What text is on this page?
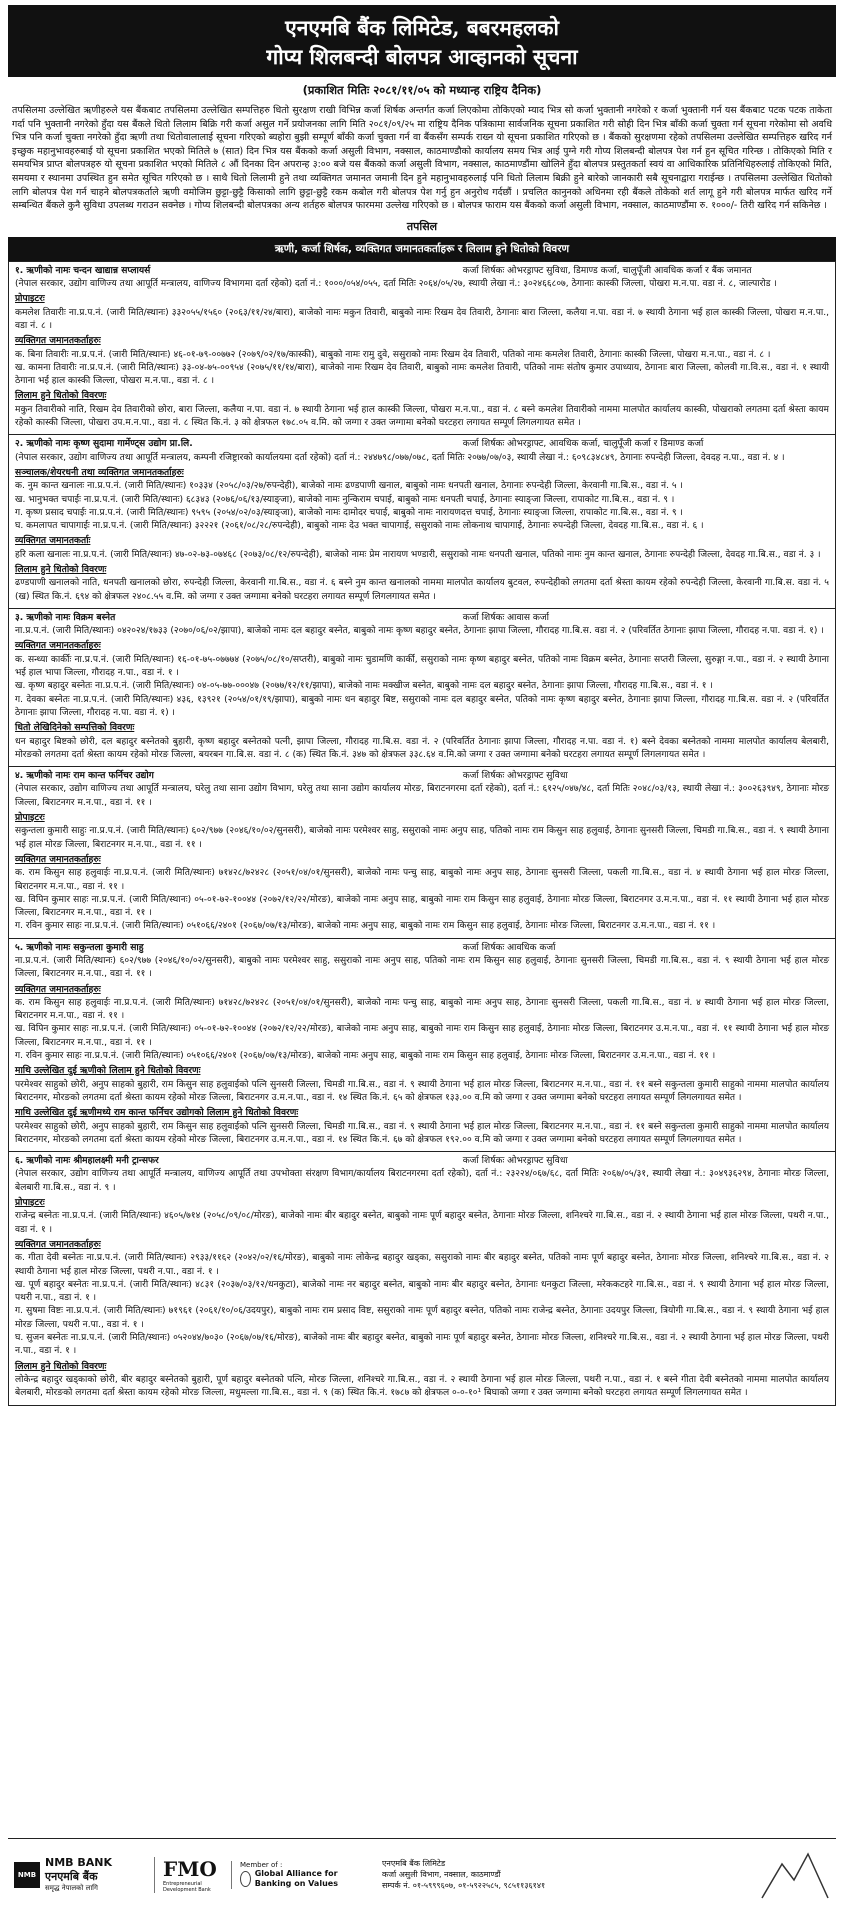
एनएमबि बैंक लिमिटेड, बबरमहलको
गोप्य शिलबन्दी बोलपत्र आव्हानको सूचना
(प्रकाशित मितिः २०८१/११/०५ को मध्यान्ह राष्ट्रिय दैनिक)
तपसिलमा उल्लेखित ऋणीहरुले यस बैंकबाट तपसिलमा उल्लेखित सम्पत्तिहरु धितो सुरक्षण राखी विभिन्न कर्जा शिर्षक अन्तर्गत कर्जा लिएकोमा तोकिएको म्याद भित्र सो कर्जा भुक्तानी नगरेको र कर्जा भुक्तानी गर्न यस बैंकबाट पटक पटक ताकेता गर्दा पनि भुक्तानी नगरेको हुँदा यस बैंकले धितो लिलाम बिक्रि गरी कर्जा असुल गर्ने प्रयोजनका लागि मिति २०८१/०९/२५ मा राष्ट्रिय दैनिक पत्रिकामा सार्वजनिक सूचना प्रकाशित गरी सोही दिन भित्र बाँकी कर्जा चुक्ता गर्न सूचना गरेकोमा सो अवधि भित्र पनि कर्जा चुक्ता नगरेको हुँदा ऋणी तथा धितोवालालाई सूचना गरिएको ब्यहोरा बुझी सम्पूर्ण बाँकी कर्जा चुक्ता गर्न वा बैंकसँग सम्पर्क राख्न यो सूचना प्रकाशित गरिएको छ । बैंकको सुरक्षणमा रहेको तपसिलमा उल्लेखित सम्पत्तिहरु खरिद गर्न इच्छुक महानुभावहरुबाई यो सूचना प्रकाशित भएको मितिले ७ (सात) दिन भित्र यस बैंकको कर्जा असुली विभाग, नक्साल, काठमाण्डौको कार्यालय समय भित्र आई पुग्ने गरी गोप्य शिलबन्दी बोलपत्र पेश गर्न हुन सूचित गरिन्छ । तोकिएको मिति र समयभित्र प्राप्त बोलपत्रहरु यो सूचना प्रकाशित भएको मितिले ८ औं दिनका दिन अपरान्ह ३:०० बजे यस बैंकको कर्जा असुली विभाग, नक्साल, काठमाण्डौंमा खोलिने हुँदा बोलपत्र प्रस्तुतकर्ता स्वयं वा आधिकारिक प्रतिनिधिहरुलाई तोकिएको मिति, समयमा र स्थानमा उपस्थित हुन समेत सूचित गरिएको छ । साथै धितो लिलामी हुने तथा व्यक्तिगत जमानत जमानी दिन हुने महानुभावहरुलाई पनि धितो लिलाम बिक्री हुने बारेको जानकारी सबै सूचनाद्वारा गराईन्छ । तपसिलमा उल्लेखित धितोको लागि बोलपत्र पेश गर्न चाहने बोलपत्रकर्ताले ऋणी वमोजिम छुट्टा-छुट्टै किसाको लागि छुट्टा-छुट्टै रकम कबोल गरी बोलपत्र पेश गर्नु हुन अनुरोध गर्दछौं । प्रचलित कानुनको अधिनमा रही बैंकले तोकेको शर्त लागू हुने गरी बोलपत्र मार्फत खरिद गर्ने सम्बन्धित बैंकले कुनै सुविधा उपलब्ध गराउन सक्नेछ । गोप्य शिलबन्दी बोलपत्रका अन्य शर्तहरु बोलपत्र फारममा उल्लेख गरिएको छ । बोलपत्र फाराम यस बैंकको कर्जा असुली विभाग, नक्साल, काठमाण्डौंमा रु. १०००/- तिरी खरिद गर्न सकिनेछ ।
तपसिल
ऋणी, कर्जा शिर्षक, व्यक्तिगत जमानतकर्ताहरू र लिलाम हुने धितोको विवरण
१. ऋणीको नामः चन्दन खाद्यान्न सप्लायर्स	कर्जा शिर्षकः ओभरड्राफ्ट सुविधा, डिमाण्ड कर्जा, चालुपूँजी आवधिक कर्जा र बैंक जमानत
(नेपाल सरकार, उद्योग वाणिज्य तथा आपूर्ति मन्त्रालय, वाणिज्य विभागमा दर्ता रहेको) दर्ता नं.: १०००/०५४/०५५, दर्ता मितिः २०६४/०५/२७, स्थायी लेखा नं.: ३०२४६६८०७, ठेगानाः कास्की जिल्ला, पोखरा म.न.पा. वडा नं. ८, जाल्पारोड ।
प्रोपाइटरः
कमलेश तिवारीः ना.प्र.प.नं. (जारी मिति/स्थानः) ३३२०५५/१५६० (२०६३/११/२४/बारा), बाजेको नामः मकुन तिवारी, बाबुको नामः रिखम देव तिवारी, ठेगानाः बारा जिल्ला, कलैया न.पा. वडा नं. ७ स्थायी ठेगाना भई हाल कास्की जिल्ला, पोखरा म.न.पा., वडा नं. ८ ।
व्यक्तिगत जमानतकर्ताहरुः
क. बिना तिवारीः ना.प्र.प.नं. (जारी मिति/स्थानः) ४६-०१-७९-००७७२ (२०७९/०२/१७/कास्की), बाबुको नामः रामु दुवे, ससुराको नामः रिखम देव तिवारी, पतिको नामः कमलेश तिवारी, ठेगानाः कास्की जिल्ला, पोखरा म.न.पा., वडा नं. ८ ।
ख. कामना तिवारीः ना.प्र.प.नं. (जारी मिति/स्थानः) ३३-०४-७५-००९५४ (२०७५/११/१४/बारा), बाजेको नामः रिखम देव तिवारी, बाबुको नामः कमलेश तिवारी, पतिको नामः संतोष कुमार उपाध्याय, ठेगानाः बारा जिल्ला, कोलवी गा.वि.स., वडा नं. १ स्थायी ठेगाना भई हाल कास्की जिल्ला, पोखरा म.न.पा., वडा नं. ८ ।
लिलाम हुने धितोको विवरणः
मकुन तिवारीको नाति, रिखम देव तिवारीको छोरा, बारा जिल्ला, कलैया न.पा. वडा नं. ७ स्थायी ठेगाना भई हाल कास्की जिल्ला, पोखरा म.न.पा., वडा नं. ८ बस्ने कमलेश तिवारीको नाममा मालपोत कार्यालय कास्की, पोखराको लगतमा दर्ता श्रेस्ता कायम रहेको कास्की जिल्ला, पोखरा उप.म.न.पा., वडा नं. ८ स्थित कि.नं. ३ को क्षेत्रफल १७८.०५ व.मि. को जग्गा र उक्त जग्गामा बनेको घरटहरा लगायत सम्पूर्ण लिगलगायत समेत ।
२. ऋणीको नामः कृष्ण सुदामा गार्मेण्ट्स उद्योग प्रा.लि.	कर्जा शिर्षकः ओभरड्राफ्ट, आवधिक कर्जा, चालुपूँजी कर्जा र डिमाण्ड कर्जा
(नेपाल सरकार, उद्योग वाणिज्य तथा आपूर्ति मन्त्रालय, कम्पनी रजिष्ट्रारको कार्यालयमा दर्ता रहेको) दर्ता नं.: २४४७९८/०७७/०७८, दर्ता मितिः २०७७/०७/०३, स्थायी लेखा नं.: ६०९८३४८४९, ठेगानाः रुपन्देही जिल्ला, देवदह न.पा., वडा नं. ४ ।
सञ्चालक/शेयरधनी तथा व्यक्तिगत जमानतकर्ताहरुः
क. नुम कान्त खनालः ना.प्र.प.नं. (जारी मिति/स्थानः) १०३३४ (२०५८/०३/२७/रुपन्देही), बाजेको नामः ढण्डपाणी खनाल, बाबुको नामः धनपती खनाल, ठेगानाः रुपन्देही जिल्ला, केरवानी गा.बि.स., वडा नं. ५ ।
ख. भानुभक्त चपाईः ना.प्र.प.नं. (जारी मिति/स्थानः) ६८३४३ (२०७६/०६/१३/स्याङ्जा), बाजेको नामः नुन्किराम चपाई, बाबुको नामः धनपती चपाई, ठेगानाः स्याङ्जा जिल्ला, रापाकोट गा.बि.स., वडा नं. ९ ।
ग. कृष्ण प्रसाद चपाईः ना.प्र.प.नं. (जारी मिति/स्थानः) ९५९५ (२०५४/०२/०३/स्याङ्जा), बाजेको नामः दामोदर चपाई, बाबुको नामः नारायणदत्त चपाई, ठेगानाः स्याङ्जा जिल्ला, रापाकोट गा.बि.स., वडा नं. ९ ।
घ. कमलापत चापागाईः ना.प्र.प.नं. (जारी मिति/स्थानः) ३२२२१ (२०६१/०८/२८/रुपन्देही), बाबुको नामः देउ भक्त चापागाई, ससुराको नामः लोकनाथ चापागाई, ठेगानाः रुपन्देही जिल्ला, देवदह गा.बि.स., वडा नं. ६ ।
व्यक्तिगत जमानतकर्ताः
हरि कला खनालः ना.प्र.प.नं. (जारी मिति/स्थानः) ४७-०२-७३-०७४६८ (२०७३/०८/१२/रुपन्देही), बाजेको नामः प्रेम नारायण भण्डारी, ससुराको नामः धनपती खनाल, पतिको नामः नुम कान्त खनाल, ठेगानाः रुपन्देही जिल्ला, देवदह गा.बि.स., वडा नं. ३ ।
लिलाम हुने धितोको विवरणः
ढण्डपाणी खनालको नाति, धनपती खनालको छोरा, रुपन्देही जिल्ला, केरवानी गा.बि.स., वडा नं. ६ बस्ने नुम कान्त खनालको नाममा मालपोत कार्यालय बुटवल, रुपन्देहीको लगतमा दर्ता श्रेस्ता कायम रहेको रुपन्देही जिल्ला, केरवानी गा.बि.स. वडा नं. ५ (ख) स्थित कि.नं. ६९४ को क्षेत्रफल २४०८.५५ व.मि. को जग्गा र उक्त जग्गामा बनेको घरटहरा लगायत सम्पूर्ण लिगलगायत समेत ।
३. ऋणीको नामः विक्रम बस्नेत	कर्जा शिर्षकः आवास कर्जा
ना.प्र.प.नं. (जारी मिति/स्थानः) ०४२०२४/१७३३ (२०७०/०६/०२/झापा), बाजेको नामः दल बहादुर बस्नेत, बाबुको नामः कृष्ण बहादुर बस्नेत, ठेगानाः झापा जिल्ला, गौरादह गा.बि.स. वडा नं. २ (परिवर्तित ठेगानाः झापा जिल्ला, गौरादह न.पा. वडा नं. १) ।
व्यक्तिगत जमानतकर्ताहरुः
क. सन्ध्या कार्कीः ना.प्र.प.नं. (जारी मिति/स्थानः) १६-०१-७५-०७७७४ (२०७५/०८/१०/सप्तरी), बाबुको नामः चुडामणि कार्की, ससुराको नामः कृष्ण बहादुर बस्नेत, पतिको नामः विक्रम बस्नेत, ठेगानाः सप्तरी जिल्ला, सुरुङ्गा न.पा., वडा नं. २ स्थायी ठेगाना भई हाल भापा जिल्ला, गौरादह न.पा., वडा नं. १ ।
ख. कृष्ण बहादुर बस्नेतः ना.प्र.प.नं. (जारी मिति/स्थानः) ०४-०५-७७-०००४७ (२०७७/१२/११/झापा), बाजेको नामः मक्खीज बस्नेत, बाबुको नामः दल बहादुर बस्नेत, ठेगानाः झापा जिल्ला, गौरादह गा.बि.स., वडा नं. १ ।
ग. देवका बस्नेतः ना.प्र.प.नं. (जारी मिति/स्थानः) ४३६, १३९२१ (२०५४/०१/१९/झापा), बाबुको नामः धन बहादुर बिष्ट, ससुराको नामः दल बहादुर बस्नेत, पतिको नामः कृष्ण बहादुर बस्नेत, ठेगानाः झापा जिल्ला, गौरादह गा.बि.स. वडा नं. २ (परिवर्तित ठेगानाः झापा जिल्ला, गौरादह न.पा. वडा नं. १) ।
धितो लेखिदिनेको सम्पत्तिको विवरणः
धन बहादुर बिष्टको छोरी, दल बहादुर बस्नेतको बुहारी, कृष्ण बहादुर बस्नेतको पत्नी, झापा जिल्ला, गौरादह गा.बि.स. वडा नं. २ (परिवर्तित ठेगानाः झापा जिल्ला, गौरादह न.पा. वडा नं. १) बस्ने देवका बस्नेतको नाममा मालपोत कार्यालय बेलबारी, मोरङको लगतमा दर्ता श्रेस्ता कायम रहेको मोरङ जिल्ला, बयरबन गा.बि.स. वडा नं. ८ (क) स्थित कि.नं. ३४७ को क्षेत्रफल ३३८.६४ व.मि.को जग्गा र उक्त जग्गामा बनेको घरटहरा लगायत सम्पूर्ण लिगलगायत समेत ।
४. ऋणीको नामः राम कान्त फर्निचर उद्योग	कर्जा शिर्षकः ओभरड्राफ्ट सुविधा
(नेपाल सरकार, उद्योग वाणिज्य तथा आपूर्ति मन्त्रालय, घरेलु तथा साना उद्योग विभाग, घरेलु तथा साना उद्योग कार्यालय मोरङ, बिराटनगरमा दर्ता रहेको), दर्ता नं.: ६१२५/०४७/४८, दर्ता मितिः २०४८/०३/१३, स्थायी लेखा नं.: ३००२६३९४९, ठेगानाः मोरङ जिल्ला, बिराटनगर म.न.पा., वडा नं. ११ ।
प्रोपाइटरः
सकुन्तला कुमारी साहुः ना.प्र.प.नं. (जारी मिति/स्थानः) ६०२/९७७ (२०४६/१०/०२/सुनसरी), बाजेको नामः परमेश्वर साहु, ससुराको नामः अनुप साह, पतिको नामः राम किसुन साह हलुवाई, ठेगानाः सुनसरी जिल्ला, चिमडी गा.बि.स., वडा नं. ९ स्थायी ठेगाना भई हाल मोरङ जिल्ला, बिराटनगर म.न.पा., वडा नं. ११ ।
व्यक्तिगत जमानतकर्ताहरुः
क. राम किसुन साह हलुवाईः ना.प्र.प.नं. (जारी मिति/स्थानः) ७१४२८/७२४२८ (२०५१/०४/०१/सुनसरी), बाजेको नामः पन्चु साह, बाबुको नामः अनुप साह, ठेगानाः सुनसरी जिल्ला, पकली गा.बि.स., वडा नं. ४ स्थायी ठेगाना भई हाल मोरङ जिल्ला, बिराटनगर म.न.पा., वडा नं. ११ ।
ख. विपिन कुमार साहः ना.प्र.प.नं. (जारी मिति/स्थानः) ०५-०१-७२-१००४४ (२०७२/१२/२२/मोरङ), बाजेको नामः अनुप साह, बाबुको नामः राम किसुन साह हलुवाई, ठेगानाः मोरङ जिल्ला, बिराटनगर उ.म.न.पा., वडा नं. ११ स्थायी ठेगाना भई हाल मोरङ जिल्ला, बिराटनगर म.न.पा., वडा नं. ११ ।
ग. रविन कुमार साहः ना.प्र.प.नं. (जारी मिति/स्थानः) ०५१०६६/२४०१ (२०६७/०७/१३/मोरङ), बाजेको नामः अनुप साह, बाबुको नामः राम किसुन साह हलुवाई, ठेगानाः मोरङ जिल्ला, बिराटनगर उ.म.न.पा., वडा नं. ११ ।
५. ऋणीको नामः सकुन्तला कुमारी साहु	कर्जा शिर्षकः आवधिक कर्जा
ना.प्र.प.नं. (जारी मिति/स्थानः) ६०२/९७७ (२०४६/१०/०२/सुनसरी), बाबुको नामः परमेश्वर साहु, ससुराको नामः अनुप साह, पतिको नामः राम किसुन साह हलुवाई, ठेगानाः सुनसरी जिल्ला, चिमडी गा.बि.स., वडा नं. ९ स्थायी ठेगाना भई हाल मोरङ जिल्ला, बिराटनगर म.न.पा., वडा नं. ११ ।
व्यक्तिगत जमानतकर्ताहरुः
क. राम किसुन साह हलुवाईः ना.प्र.प.नं. (जारी मिति/स्थानः) ७१४२८/७२४२८ (२०५१/०४/०१/सुनसरी), बाजेको नामः पन्चु साह, बाबुको नामः अनुप साह, ठेगानाः सुनसरी जिल्ला, पकली गा.बि.स., वडा नं. ४ स्थायी ठेगाना भई हाल मोरङ जिल्ला, बिराटनगर म.न.पा., वडा नं. ११ ।
ख. विपिन कुमार साहः ना.प्र.प.नं. (जारी मिति/स्थानः) ०५-०१-७२-१००४४ (२०७२/१२/२२/मोरङ), बाजेको नामः अनुप साह, बाबुको नामः राम किसुन साह हलुवाई, ठेगानाः मोरङ जिल्ला, बिराटनगर उ.म.न.पा., वडा नं. ११ स्थायी ठेगाना भई हाल मोरङ जिल्ला, बिराटनगर म.न.पा., वडा नं. ११ ।
ग. रविन कुमार साहः ना.प्र.प.नं. (जारी मिति/स्थानः) ०५१०६६/२४०१ (२०६७/०७/१३/मोरङ), बाजेको नामः अनुप साह, बाबुको नामः राम किसुन साह हलुवाई, ठेगानाः मोरङ जिल्ला, बिराटनगर उ.म.न.पा., वडा नं. ११ ।
माथि उल्लेखित दुई ऋणीको लिलाम हुने धितोको विवरणः
परमेश्वर साहुको छोरी, अनुप साहको बुहारी, राम किसुन साह हलुवाईको पत्नि सुनसरी जिल्ला, चिमडी गा.बि.स., वडा नं. ९ स्थायी ठेगाना भई हाल मोरङ जिल्ला, बिराटनगर म.न.पा., वडा नं. ११ बस्ने सकुन्तला कुमारी साहुको नाममा मालपोत कार्यालय बिराटनगर, मोरङको लगतमा दर्ता श्रेस्ता कायम रहेको मोरङ जिल्ला, बिराटनगर उ.म.न.पा., वडा नं. १४ स्थित कि.नं. ६५ को क्षेत्रफल १३३.०० व.मि को जग्गा र उक्त जग्गामा बनेको घरटहरा लगायत सम्पूर्ण लिगलगायत समेत ।
माथि उल्लेखित दुई ऋणीमध्ये राम कान्त फर्निचर उद्योगको लिलाम हुने धितोको विवरणः
परमेश्वर साहुको छोरी, अनुप साहको बुहारी, राम किसुन साह हलुवाईको पत्नि सुनसरी जिल्ला, चिमडी गा.बि.स., वडा नं. ९ स्थायी ठेगाना भई हाल मोरङ जिल्ला, बिराटनगर म.न.पा., वडा नं. ११ बस्ने सकुन्तला कुमारी साहुको नाममा मालपोत कार्यालय बिराटनगर, मोरङको लगतमा दर्ता श्रेस्ता कायम रहेको मोरङ जिल्ला, बिराटनगर उ.म.न.पा., वडा नं. १४ स्थित कि.नं. ६७ को क्षेत्रफल १९२.०० व.मि को जग्गा र उक्त जग्गामा बनेको घरटहरा लगायत सम्पूर्ण लिगलगायत समेत ।
६. ऋणीको नामः श्रीमहालक्ष्मी मनी ट्रान्सफर	कर्जा शिर्षकः ओभरड्राफ्ट सुविधा
(नेपाल सरकार, उद्योग वाणिज्य तथा आपूर्ति मन्त्रालय, वाणिज्य आपूर्ति तथा उपभोक्ता संरक्षण विभाग/कार्यालय बिराटनगरमा दर्ता रहेको), दर्ता नं.: २३२२४/०६७/६८, दर्ता मितिः २०६७/०५/३१, स्थायी लेखा नं.: ३०४९३६२९४, ठेगानाः मोरङ जिल्ला, बेलबारी गा.बि.स., वडा नं. ९ ।
प्रोपाइटरः
राजेन्द्र बस्नेतः ना.प्र.प.नं. (जारी मिति/स्थानः) ४६०५/७१४ (२०५८/०९/०८/मोरङ), बाजेको नामः बीर बहादुर बस्नेत, बाबुको नामः पूर्ण बहादुर बस्नेत, ठेगानाः मोरङ जिल्ला, शनिश्चरे गा.बि.स., वडा नं. २ स्थायी ठेगाना भई हाल मोरङ जिल्ला, पथरी न.पा., वडा नं. १ ।
व्यक्तिगत जमानतकर्ताहरुः
क. गीता देवी बस्नेतः ना.प्र.प.नं. (जारी मिति/स्थानः) २९३३/११६२ (२०४२/०२/१६/मोरङ), बाबुको नामः लोकेन्द्र बहादुर खड्का, ससुराको नामः बीर बहादुर बस्नेत, पतिको नामः पूर्ण बहादुर बस्नेत, ठेगानाः मोरङ जिल्ला, शनिश्चरे गा.बि.स., वडा नं. २ स्थायी ठेगाना भई हाल मोरङ जिल्ला, पथरी न.पा., वडा नं. १ ।
ख. पूर्ण बहादुर बस्नेतः ना.प्र.प.नं. (जारी मिति/स्थानः) ४८३१ (२०३७/०३/१२/धनकुटा), बाजेको नामः नर बहादुर बस्नेत, बाबुको नामः बीर बहादुर बस्नेत, ठेगानाः धनकुटा जिल्ला, मरेककटहरे गा.बि.स., वडा नं. ९ स्थायी ठेगाना भई हाल मोरङ जिल्ला, पथरी न.पा., वडा नं. १ ।
ग. सुषमा विष्टः ना.प्र.प.नं. (जारी मिति/स्थानः) ७१९६१ (२०६१/१०/०६/उदयपुर), बाबुको नामः राम प्रसाद विष्ट, ससुराको नामः पूर्ण बहादुर बस्नेत, पतिको नामः राजेन्द्र बस्नेत, ठेगानाः उदयपुर जिल्ला, त्रियोगी गा.बि.स., वडा नं. ९ स्थायी ठेगाना भई हाल मोरङ जिल्ला, पथरी न.पा., वडा नं. १ ।
घ. सुजन बस्नेतः ना.प्र.प.नं. (जारी मिति/स्थानः) ०५२०४४/७०३० (२०६७/०७/१६/मोरङ), बाजेको नामः बीर बहादुर बस्नेत, बाबुको नामः पूर्ण बहादुर बस्नेत, ठेगानाः मोरङ जिल्ला, शनिश्चरे गा.बि.स., वडा नं. २ स्थायी ठेगाना भई हाल मोरङ जिल्ला, पथरी न.पा., वडा नं. १ ।
लिलाम हुने धितोको विवरणः
लोकेन्द्र बहादुर खड्काको छोरी, बीर बहादुर बस्नेतको बुहारी, पूर्ण बहादुर बस्नेतको पत्नि, मोरङ जिल्ला, शनिश्चरे गा.बि.स., वडा नं. २ स्थायी ठेगाना भई हाल मोरङ जिल्ला, पथरी न.पा., वडा नं. १ बस्ने गीता देवी बस्नेतको नाममा मालपोत कार्यालय बेलबारी, मोरङको लगतमा दर्ता श्रेस्ता कायम रहेको मोरङ जिल्ला, मधुमल्ला गा.बि.स., वडा नं. ९ (क) स्थित कि.नं. १७८७ को क्षेत्रफल ०-०-१०¹ बिघाको जग्गा र उक्त जग्गामा बनेको घरटहरा लगायत सम्पूर्ण लिगलगायत समेत ।
NMB
NMB BANK
एनएमबि बैंक
समृद्ध नेपालको लागि
FMO
Entrepreneurial Development Bank
Member of :
Global Alliance for Banking on Values
एनएमबि बैंक लिमिटेड
कर्जा असुली विभाग, नक्साल, काठमाण्डौं
सम्पर्क नं. ०१-५९९९६०७, ०१-५९२२५८५, ९८५११३६१४१
